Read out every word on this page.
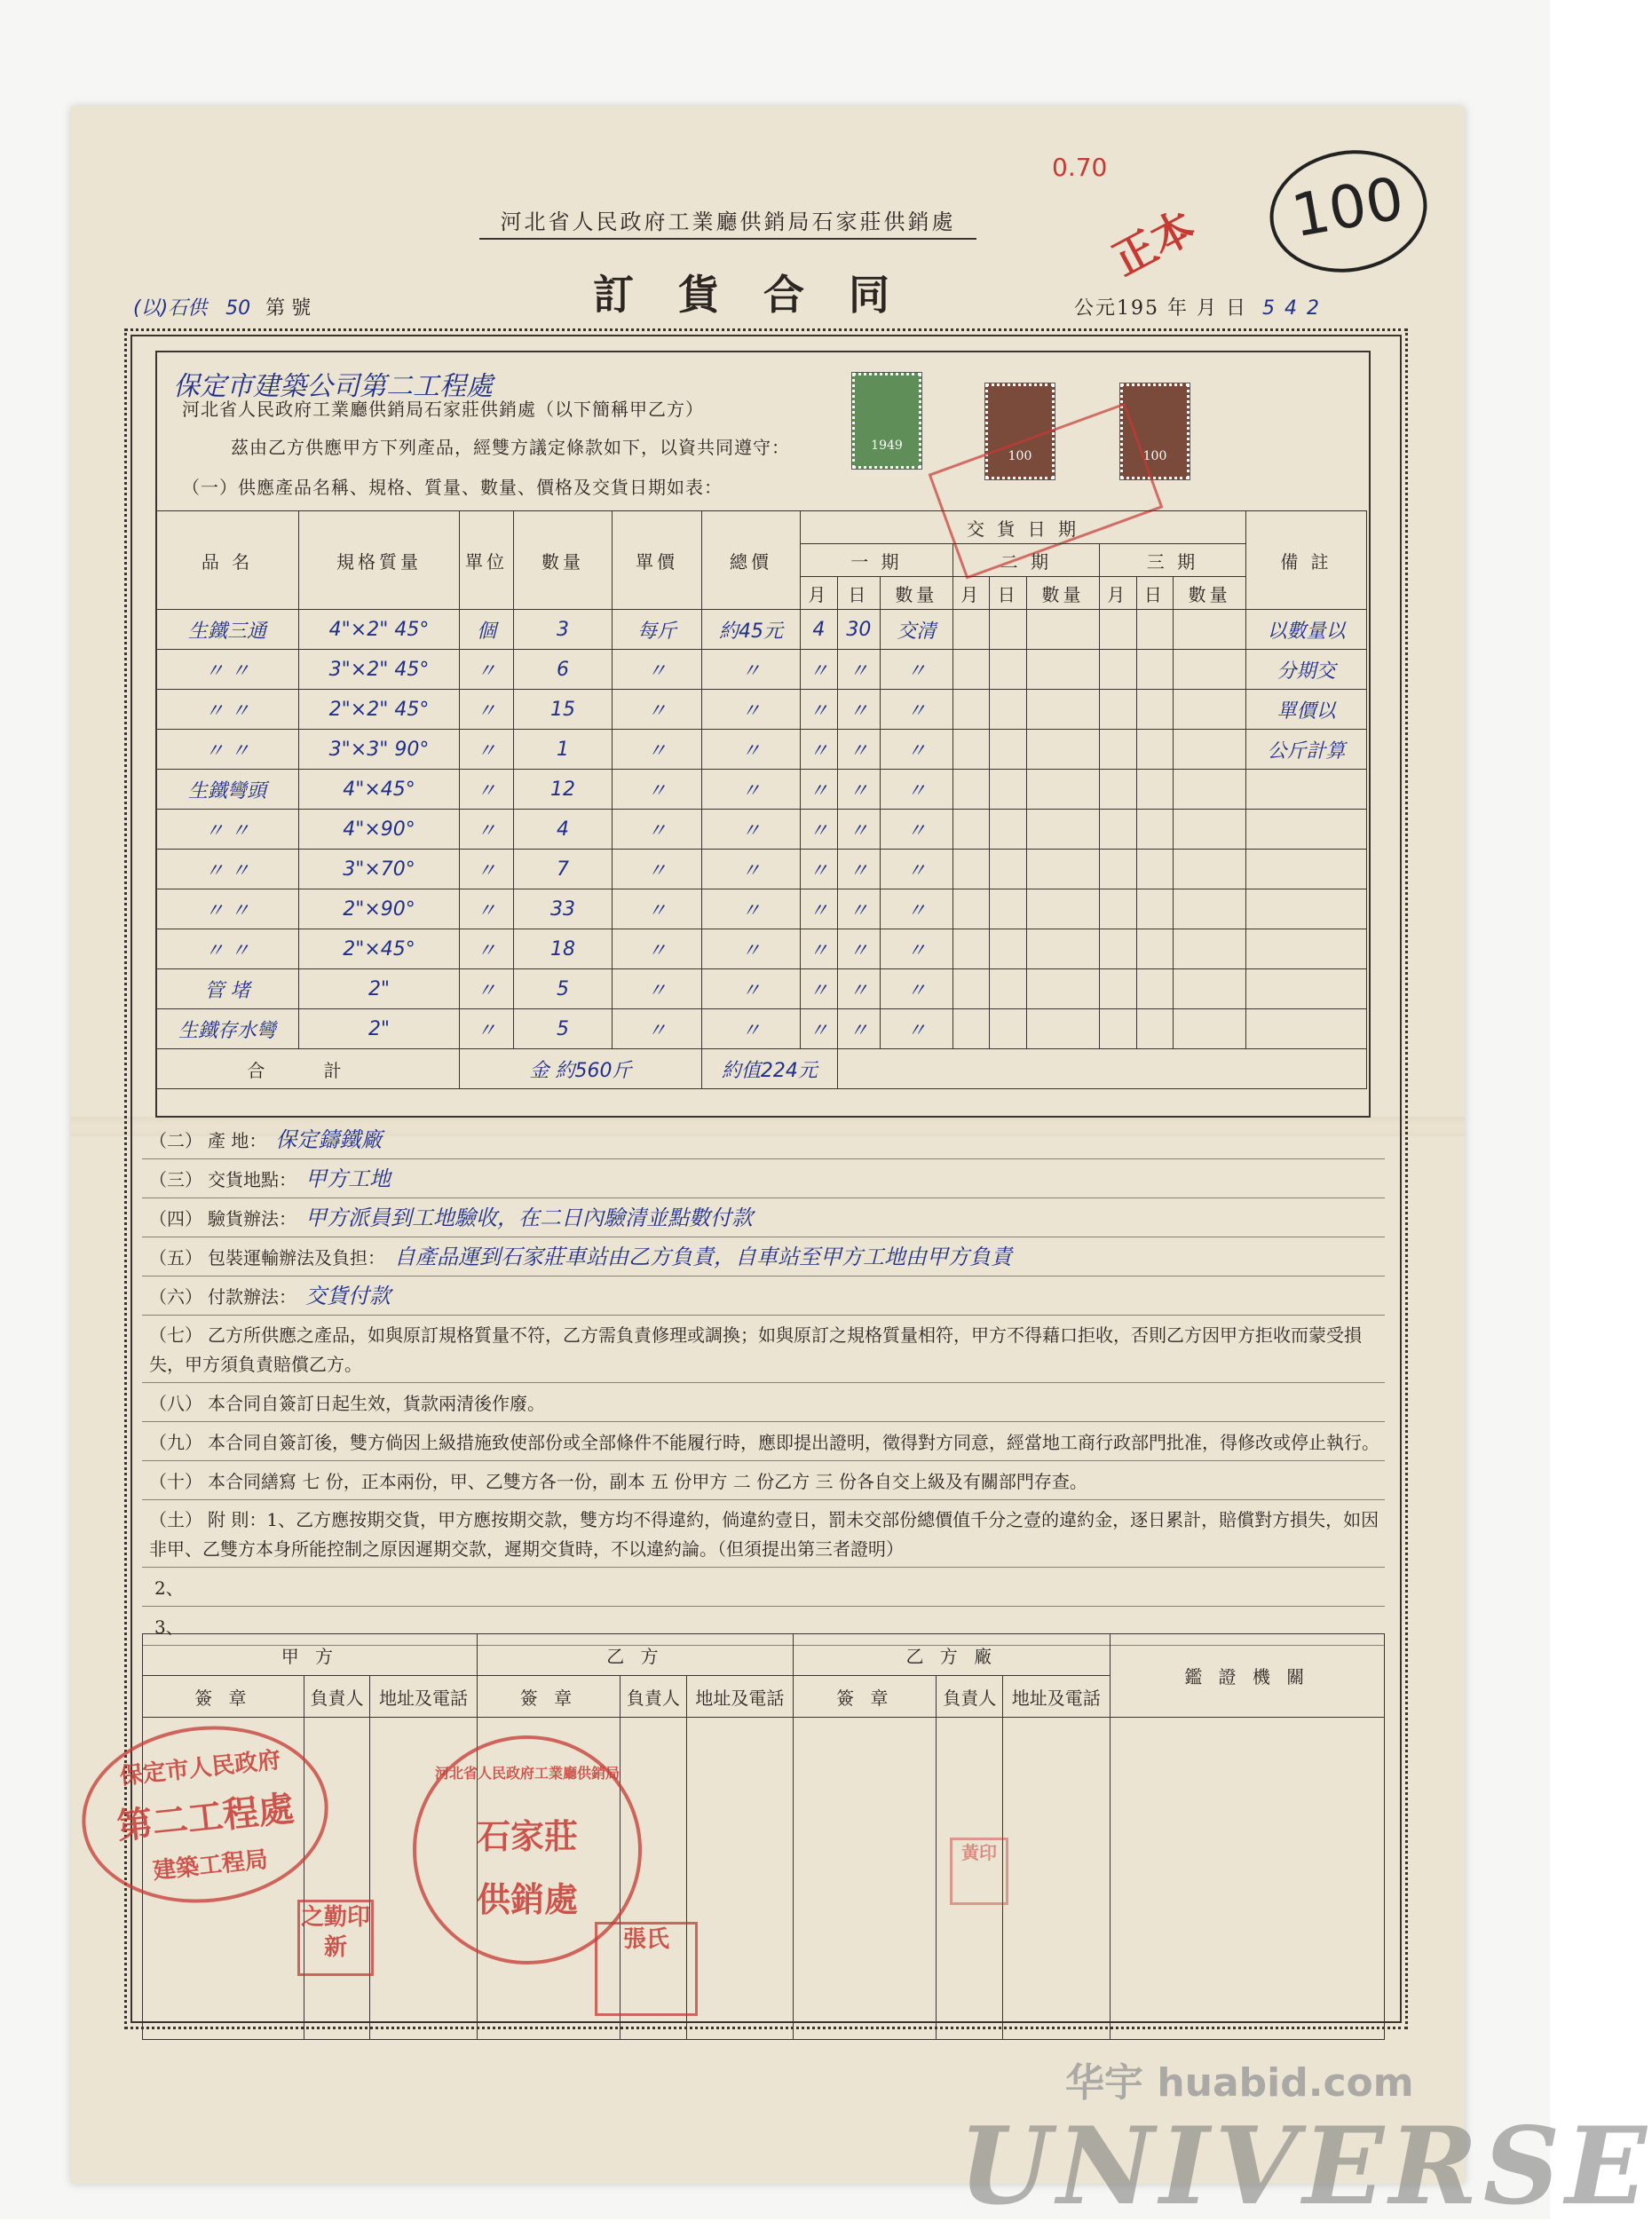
河北省人民政府工業廳供銷局石家莊供銷處
訂貨合同
(以)石供 50 第 號	公元195 年 月 日 5 4 2
0.70
正本	100
保定市建築公司第二工程處
河北省人民政府工業廳供銷局石家莊供銷處（以下簡稱甲乙方）
茲由乙方供應甲方下列產品，經雙方議定條款如下，以資共同遵守：
（一）供應產品名稱、規格、質量、數量、價格及交貨日期如表：
1949
100	100
品 名	規格質量	單位	數量	單價	總價	交 貨 日 期									備 註
						一 期			二 期			三 期			
						月	日	數量	月	日	數量	月	日	數量	
生鐵三通	4"×2" 45°	個	3	每斤	約45元	4	30	交清							以數量以
〃 〃	3"×2" 45°	〃	6	〃	〃	〃	〃	〃							分期交
〃 〃	2"×2" 45°	〃	15	〃	〃	〃	〃	〃							單價以
〃 〃	3"×3" 90°	〃	1	〃	〃	〃	〃	〃							公斤計算
生鐵彎頭	4"×45°	〃	12	〃	〃	〃	〃	〃							
〃 〃	4"×90°	〃	4	〃	〃	〃	〃	〃							
〃 〃	3"×70°	〃	7	〃	〃	〃	〃	〃							
〃 〃	2"×90°	〃	33	〃	〃	〃	〃	〃							
〃 〃	2"×45°	〃	18	〃	〃	〃	〃	〃							
管 堵	2"	〃	5	〃	〃	〃	〃	〃							
生鐵存水彎	2"	〃	5	〃	〃	〃	〃	〃							
合 計		金 約560斤			約值224元										
（二） 產 地： 保定鑄鐵廠
（三） 交貨地點： 甲方工地
（四） 驗貨辦法： 甲方派員到工地驗收，在二日內驗清並點數付款
（五） 包裝運輸辦法及負担： 自產品運到石家莊車站由乙方負責，自車站至甲方工地由甲方負責
（六） 付款辦法： 交貨付款
（七） 乙方所供應之產品，如與原訂規格質量不符，乙方需負責修理或調換；如與原訂之規格質量相符，甲方不得藉口拒收，否則乙方因甲方拒收而蒙受損失，甲方須負責賠償乙方。
（八） 本合同自簽訂日起生效，貨款兩清後作廢。
（九） 本合同自簽訂後，雙方倘因上級措施致使部份或全部條件不能履行時，應即提出證明，徵得對方同意，經當地工商行政部門批准，得修改或停止執行。
（十） 本合同繕寫 七 份，正本兩份，甲、乙雙方各一份，副本 五 份甲方 二 份乙方 三 份各自交上級及有關部門存查。
（土） 附 則：1、乙方應按期交貨，甲方應按期交款，雙方均不得違約，倘違約壹日，罰未交部份總價值千分之壹的違約金，逐日累計，賠償對方損失，如因非甲、乙雙方本身所能控制之原因遲期交款，遲期交貨時，不以違約論。（但須提出第三者證明）
2、
3、
甲 方			乙 方			乙 方 廠			鑑 證 機 關
簽 章	負責人	地址及電話	簽 章	負責人	地址及電話	簽 章	負責人	地址及電話	

保定市人民政府
第二工程處
建築工程局
河北省人民政府工業廳供銷局
石家莊
供銷處
之勤印新	張氏
黃印
华宇 huabid.com
UNIVERSE
